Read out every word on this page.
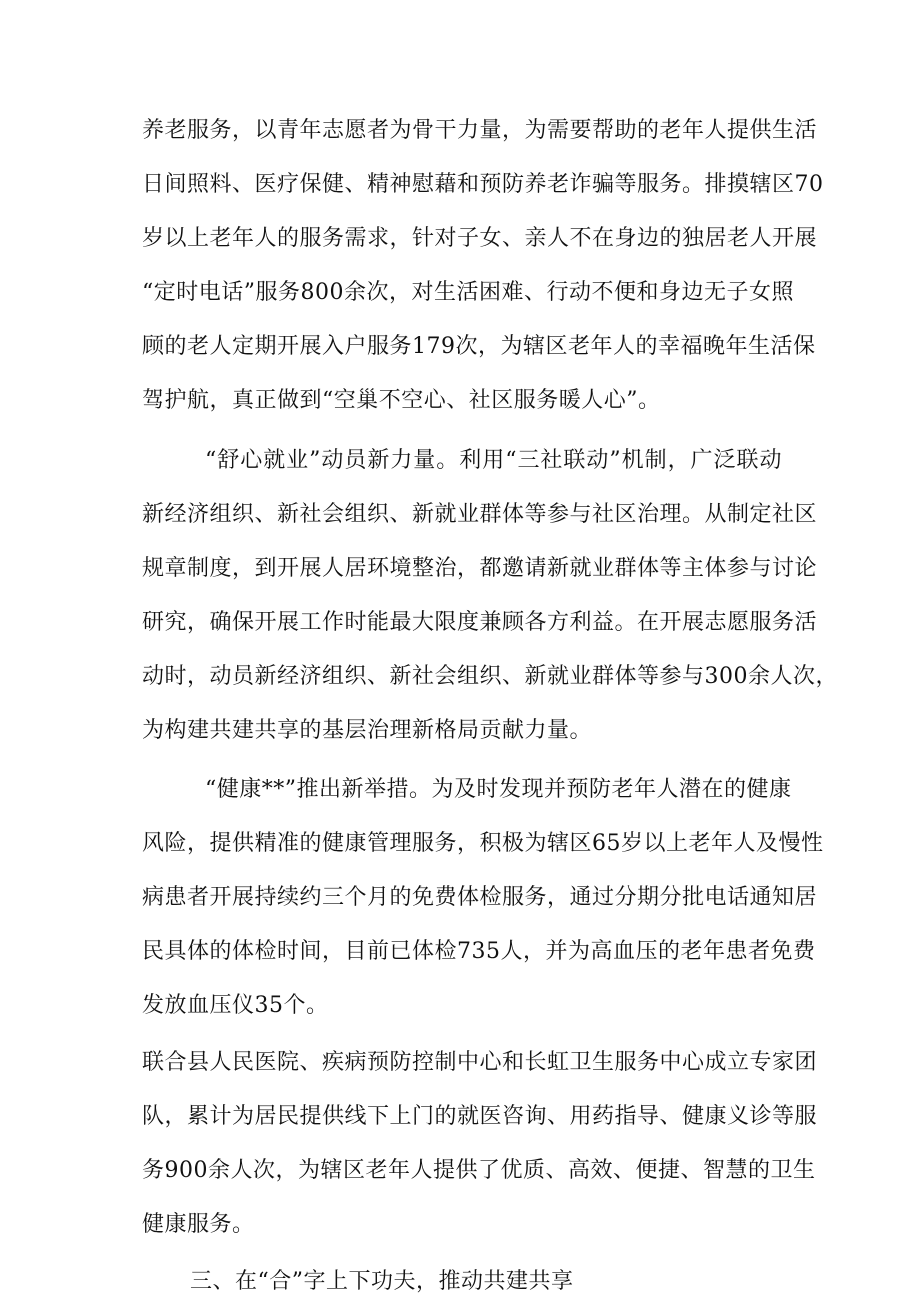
养老服务，以青年志愿者为骨干力量，为需要帮助的老年人提供生活

日间照料、医疗保健、精神慰藉和预防养老诈骗等服务。排摸辖区70

岁以上老年人的服务需求，针对子女、亲人不在身边的独居老人开展

“定时电话”服务800余次，对生活困难、行动不便和身边无子女照

顾的老人定期开展入户服务179次，为辖区老年人的幸福晚年生活保

驾护航，真正做到“空巢不空心、社区服务暖人心”。

“舒心就业”动员新力量。利用“三社联动”机制，广泛联动

新经济组织、新社会组织、新就业群体等参与社区治理。从制定社区

规章制度，到开展人居环境整治，都邀请新就业群体等主体参与讨论

研究，确保开展工作时能最大限度兼顾各方利益。在开展志愿服务活

动时，动员新经济组织、新社会组织、新就业群体等参与300余人次，

为构建共建共享的基层治理新格局贡献力量。

“健康**”推出新举措。为及时发现并预防老年人潜在的健康

风险，提供精准的健康管理服务，积极为辖区65岁以上老年人及慢性

病患者开展持续约三个月的免费体检服务，通过分期分批电话通知居

民具体的体检时间，目前已体检735人，并为高血压的老年患者免费

发放血压仪35个。

联合县人民医院、疾病预防控制中心和长虹卫生服务中心成立专家团

队，累计为居民提供线下上门的就医咨询、用药指导、健康义诊等服

务900余人次，为辖区老年人提供了优质、高效、便捷、智慧的卫生

健康服务。

三、在“合”字上下功夫，推动共建共享
